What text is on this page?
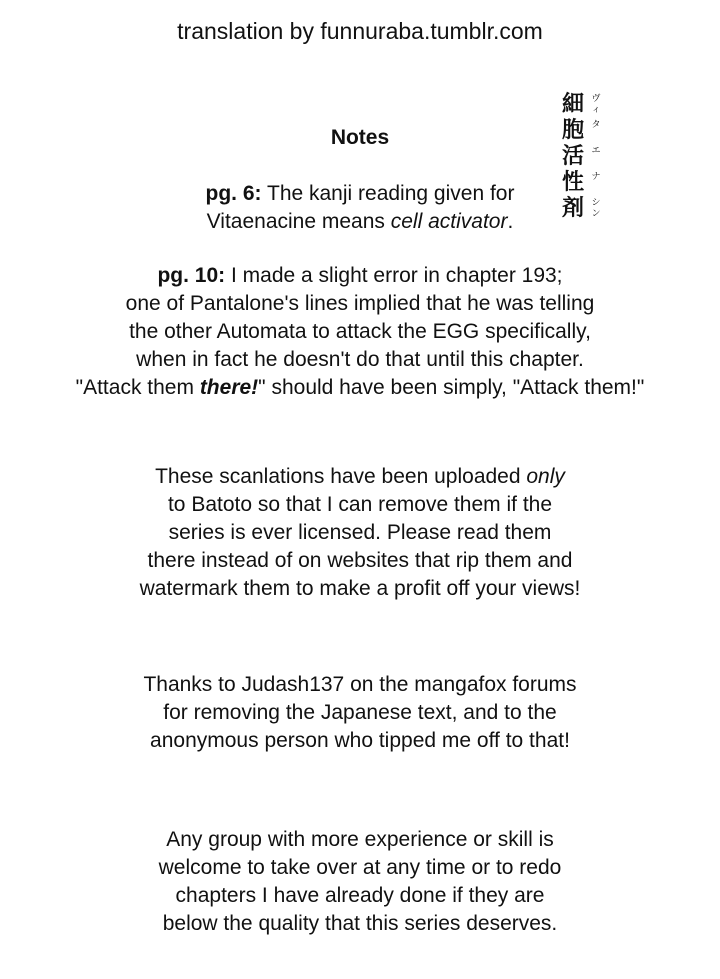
translation by funnuraba.tumblr.com
Notes
細 ヴィ
胞 タ
活 エ
性 ナ
剤 シン
pg. 6: The kanji reading given for
Vitaenacine means cell activator.
pg. 10: I made a slight error in chapter 193;
one of Pantalone's lines implied that he was telling
the other Automata to attack the EGG specifically,
when in fact he doesn't do that until this chapter.
"Attack them there!" should have been simply, "Attack them!"
These scanlations have been uploaded only
to Batoto so that I can remove them if the
series is ever licensed. Please read them
there instead of on websites that rip them and
watermark them to make a profit off your views!
Thanks to Judash137 on the mangafox forums
for removing the Japanese text, and to the
anonymous person who tipped me off to that!
Any group with more experience or skill is
welcome to take over at any time or to redo
chapters I have already done if they are
below the quality that this series deserves.
